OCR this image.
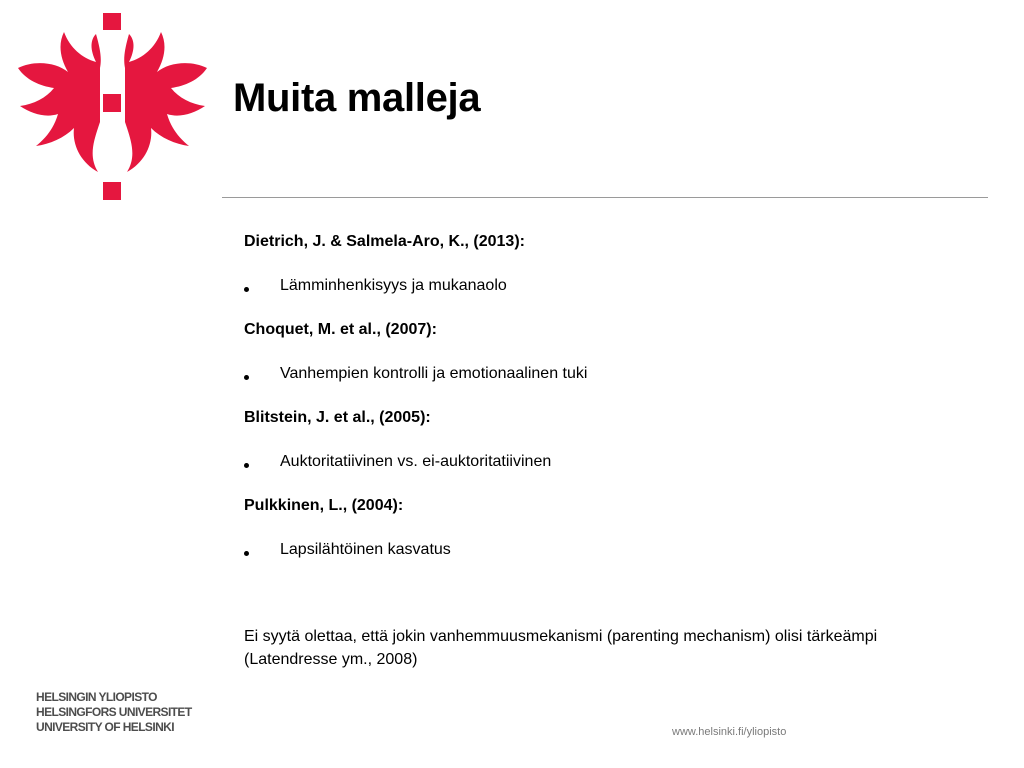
Muita malleja
Dietrich, J. & Salmela-Aro, K., (2013):
Lämminhenkisyys ja mukanaolo
Choquet, M. et al., (2007):
Vanhempien kontrolli ja emotionaalinen tuki
Blitstein, J. et al., (2005):
Auktoritatiivinen vs. ei-auktoritatiivinen
Pulkkinen, L., (2004):
Lapsilähtöinen kasvatus

Ei syytä olettaa, että jokin vanhemmuusmekanismi (parenting mechanism) olisi tärkeämpi (Latendresse ym., 2008)

HELSINGIN YLIOPISTO
HELSINGFORS UNIVERSITET
UNIVERSITY OF HELSINKI	www.helsinki.fi/yliopisto
